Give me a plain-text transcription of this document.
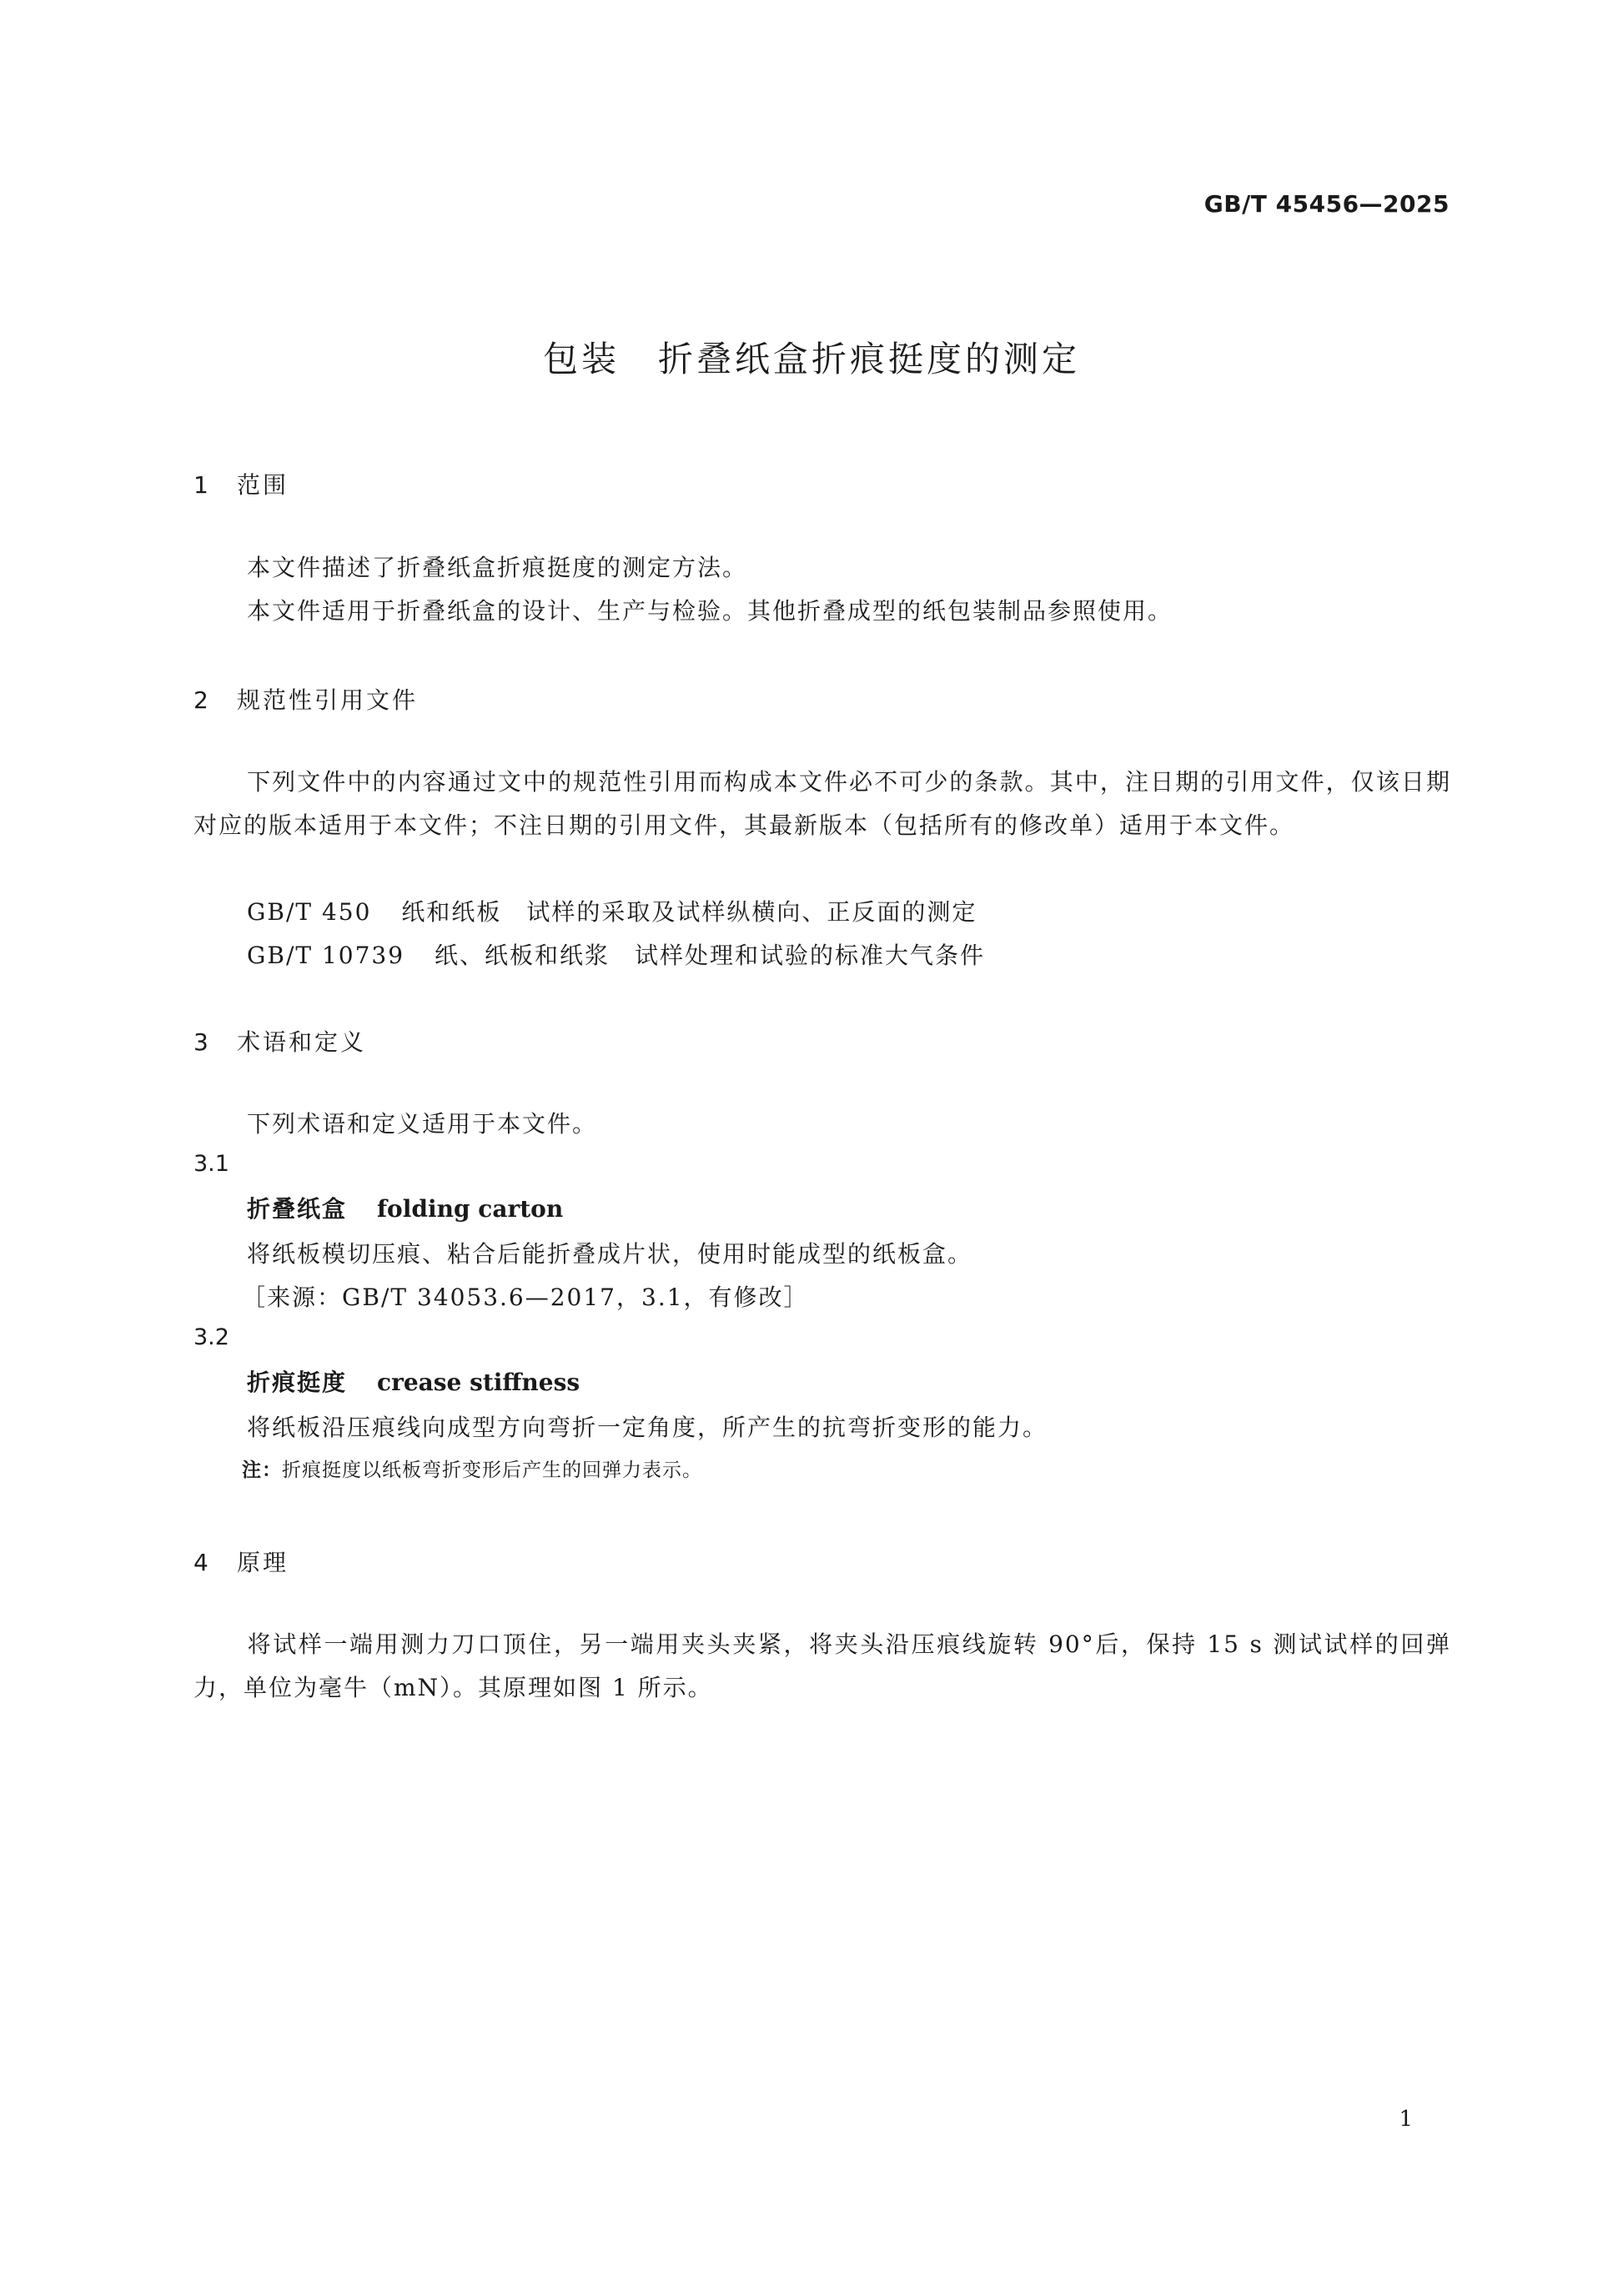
GB/T 45456—2025
包装　折叠纸盒折痕挺度的测定
1 范围
本文件描述了折叠纸盒折痕挺度的测定方法。
本文件适用于折叠纸盒的设计、生产与检验。其他折叠成型的纸包装制品参照使用。
2 规范性引用文件
下列文件中的内容通过文中的规范性引用而构成本文件必不可少的条款。其中，注日期的引用文件，仅该日期对应的版本适用于本文件；不注日期的引用文件，其最新版本（包括所有的修改单）适用于本文件。
GB/T 450 纸和纸板　试样的采取及试样纵横向、正反面的测定
GB/T 10739 纸、纸板和纸浆　试样处理和试验的标准大气条件
3 术语和定义
下列术语和定义适用于本文件。
3.1
折叠纸盒 folding carton
将纸板模切压痕、粘合后能折叠成片状，使用时能成型的纸板盒。
［来源：GB/T 34053.6—2017，3.1，有修改］
3.2
折痕挺度 crease stiffness
将纸板沿压痕线向成型方向弯折一定角度，所产生的抗弯折变形的能力。
注：折痕挺度以纸板弯折变形后产生的回弹力表示。
4 原理
将试样一端用测力刀口顶住，另一端用夹头夹紧，将夹头沿压痕线旋转 90°后，保持 15 s 测试试样的回弹力，单位为毫牛（mN）。其原理如图 1 所示。
1
